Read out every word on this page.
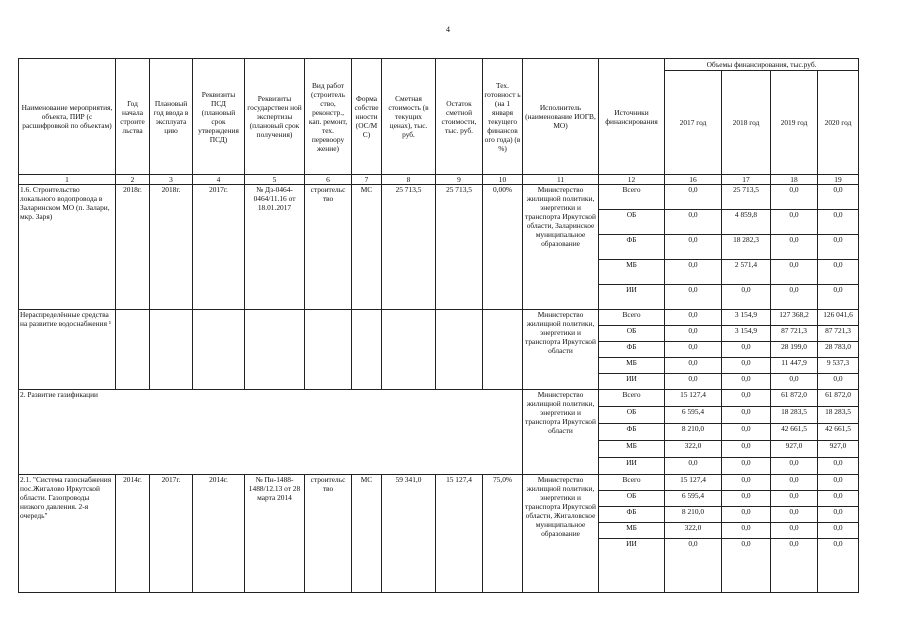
4
Наименование мероприятия, объекта, ПИР (с расшифровкой по объектам)	Год начала строите льства	Плановый год ввода в эксплуата цию	Реквизиты ПСД (плановый срок утверждения ПСД)	Реквизиты государствен ной экспертизы (плановый срок получения)	Вид работ (строитель ство, реконстр., кап. ремонт, тех. перевоору жение)	Форма собстве нности (ОС/М С)	Сметная стоимость (в текущих ценах), тыс. руб.	Остаток сметной стоимости, тыс. руб.	Тех. готовност ь (на 1 января текущего финансов ого года) (в %)	Исполнитель (наименование ИОГВ, МО)	Источники финансирования	Объемы финансирования, тыс.руб.			
												2017 год	2018 год	2019 год	2020 год
1	2	3	4	5	6	7	8	9	10	11	12	16	17	18	19
1.6. Строительство локального водопровода в Заларинском МО (п. Залари, мкр. Заря)	2018г.	2018г.	2017г.	№ Дз-0464-0464/11.16 от 18.01.2017	строительс тво	МС	25 713,5	25 713,5	0,00%	Министерство жилищной политики, энергетики и транспорта Иркутской области, Заларинское муниципальное образование	Всего	0,0	25 713,5	0,0	0,0
											ОБ	0,0	4 859,8	0,0	0,0
											ФБ	0,0	18 282,3	0,0	0,0
											МБ	0,0	2 571,4	0,0	0,0
											ИИ	0,0	0,0	0,0	0,0
Нераспределённые средства на развитие водоснабжения ¹										Министерство жилищной политики, энергетики и транспорта Иркутской области	Всего	0,0	3 154,9	127 368,2	126 041,6
											ОБ	0,0	3 154,9	87 721,3	87 721,3
											ФБ	0,0	0,0	28 199,0	28 783,0
											МБ	0,0	0,0	11 447,9	9 537,3
											ИИ	0,0	0,0	0,0	0,0
2. Развитие газификации										Министерство жилищной политики, энергетики и транспорта Иркутской области	Всего	15 127,4	0,0	61 872,0	61 872,0
											ОБ	6 595,4	0,0	18 283,5	18 283,5
											ФБ	8 210,0	0,0	42 661,5	42 661,5
											МБ	322,0	0,0	927,0	927,0
											ИИ	0,0	0,0	0,0	0,0
2.1. "Система газоснабжения пос.Жигалово Иркутской области. Газопроводы низкого давления. 2-я очередь"	2014г.	2017г.	2014г.	№ Пн-1488-1488/12.13 от 28 марта 2014	строительс тво	МС	59 341,0	15 127,4	75,0%	Министерство жилищной политики, энергетики и транспорта Иркутской области, Жигаловское муниципальное образование	Всего	15 127,4	0,0	0,0	0,0
											ОБ	6 595,4	0,0	0,0	0,0
											ФБ	8 210,0	0,0	0,0	0,0
											МБ	322,0	0,0	0,0	0,0
											ИИ	0,0	0,0	0,0	0,0
